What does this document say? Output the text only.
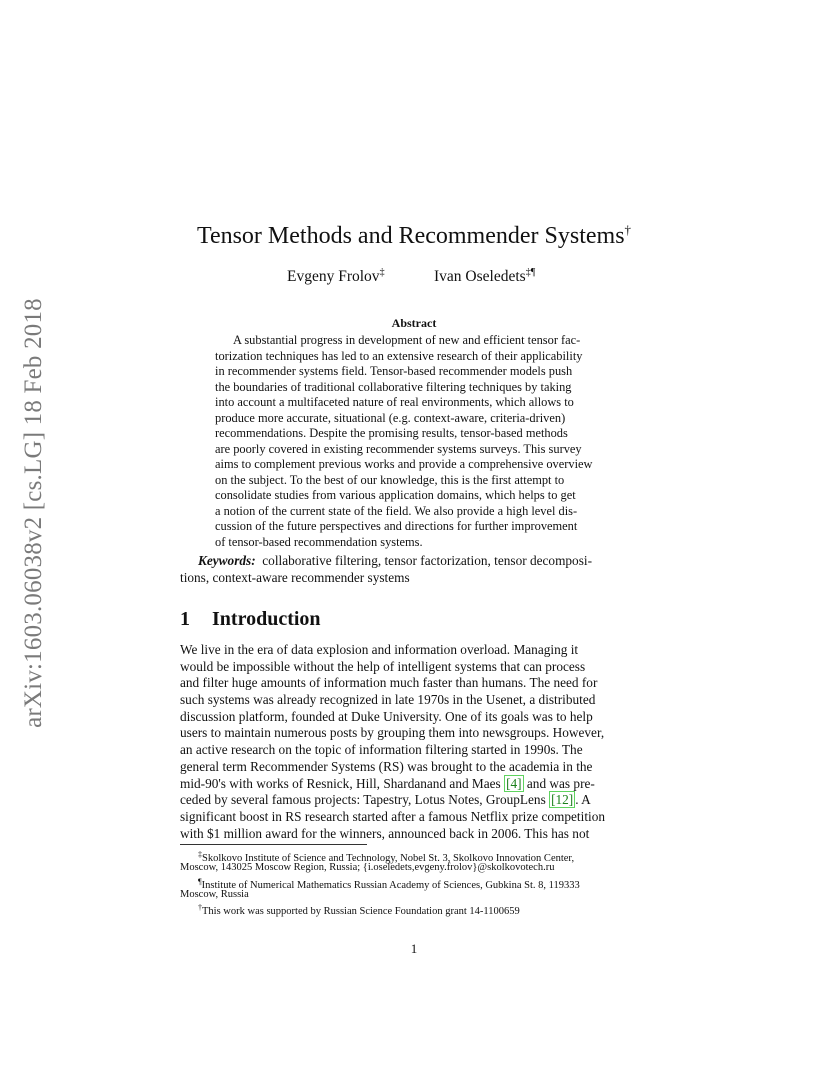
arXiv:1603.06038v2 [cs.LG] 18 Feb 2018
Tensor Methods and Recommender Systems†
Evgeny Frolov‡	Ivan Oseledets‡¶
Abstract
A substantial progress in development of new and efficient tensor fac-
torization techniques has led to an extensive research of their applicability
in recommender systems field. Tensor-based recommender models push
the boundaries of traditional collaborative filtering techniques by taking
into account a multifaceted nature of real environments, which allows to
produce more accurate, situational (e.g. context-aware, criteria-driven)
recommendations. Despite the promising results, tensor-based methods
are poorly covered in existing recommender systems surveys. This survey
aims to complement previous works and provide a comprehensive overview
on the subject. To the best of our knowledge, this is the first attempt to
consolidate studies from various application domains, which helps to get
a notion of the current state of the field. We also provide a high level dis-
cussion of the future perspectives and directions for further improvement
of tensor-based recommendation systems.
Keywords: collaborative filtering, tensor factorization, tensor decomposi-
tions, context-aware recommender systems
1 Introduction
We live in the era of data explosion and information overload. Managing it
would be impossible without the help of intelligent systems that can process
and filter huge amounts of information much faster than humans. The need for
such systems was already recognized in late 1970s in the Usenet, a distributed
discussion platform, founded at Duke University. One of its goals was to help
users to maintain numerous posts by grouping them into newsgroups. However,
an active research on the topic of information filtering started in 1990s. The
general term Recommender Systems (RS) was brought to the academia in the
mid-90's with works of Resnick, Hill, Shardanand and Maes [4] and was pre-
ceded by several famous projects: Tapestry, Lotus Notes, GroupLens [12] . A
significant boost in RS research started after a famous Netflix prize competition
with $1 million award for the winners, announced back in 2006. This has not
‡Skolkovo Institute of Science and Technology, Nobel St. 3, Skolkovo Innovation Center,
Moscow, 143025 Moscow Region, Russia; {i.oseledets,evgeny.frolov}@skolkovotech.ru
¶Institute of Numerical Mathematics Russian Academy of Sciences, Gubkina St. 8, 119333
Moscow, Russia
†This work was supported by Russian Science Foundation grant 14-1100659
1
